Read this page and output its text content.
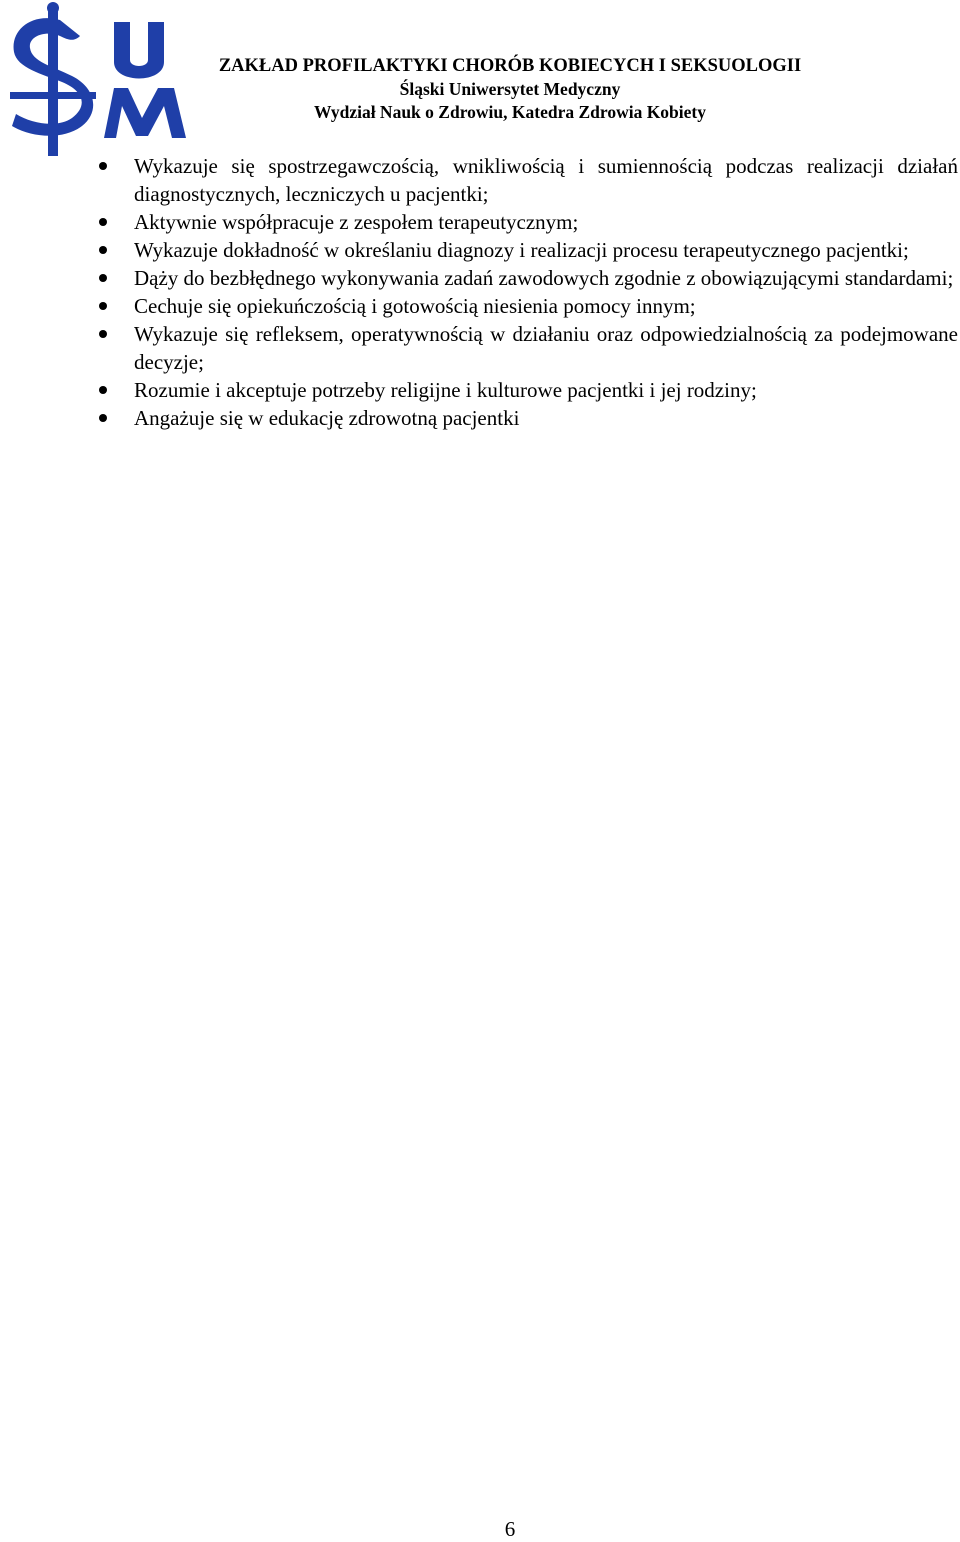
ZAKŁAD PROFILAKTYKI CHORÓB KOBIECYCH I SEKSUOLOGII
Śląski Uniwersytet Medyczny
Wydział Nauk o Zdrowiu, Katedra Zdrowia Kobiety
Wykazuje się spostrzegawczością, wnikliwością i sumiennością podczas realizacji działań diagnostycznych, leczniczych u pacjentki;
Aktywnie współpracuje z zespołem terapeutycznym;
Wykazuje dokładność w określaniu diagnozy i realizacji procesu terapeutycznego pacjentki;
Dąży do bezbłędnego wykonywania zadań zawodowych zgodnie z obowiązującymi standardami;
Cechuje się opiekuńczością i gotowością niesienia pomocy innym;
Wykazuje się refleksem, operatywnością w działaniu oraz odpowiedzialnością za podejmowane decyzje;
Rozumie i akceptuje potrzeby religijne i kulturowe pacjentki i jej rodziny;
Angażuje się w edukację zdrowotną pacjentki
6
